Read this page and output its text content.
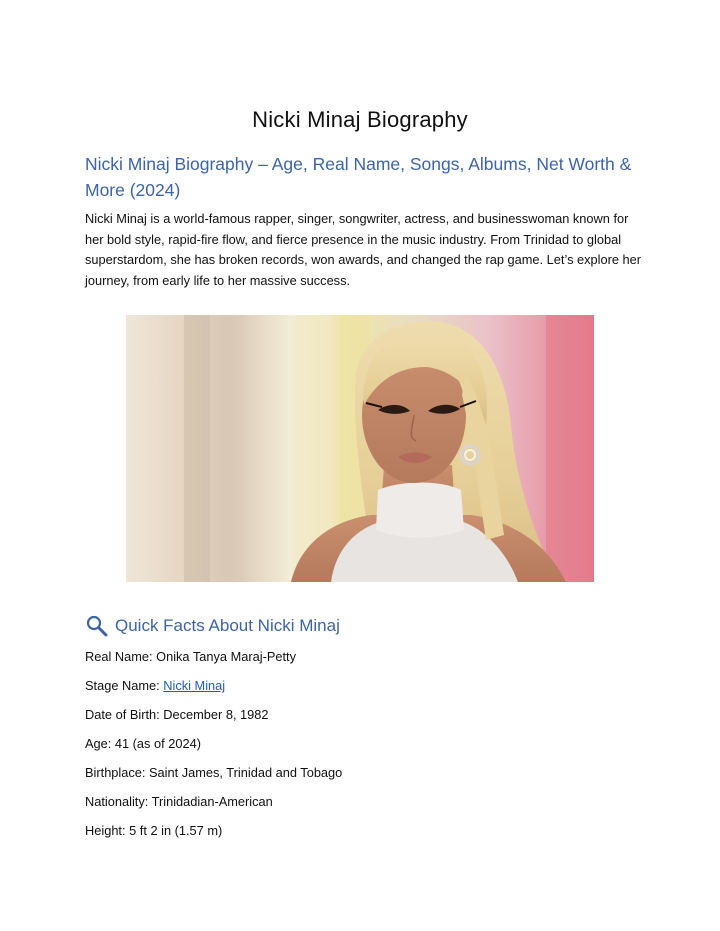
Nicki Minaj Biography
Nicki Minaj Biography – Age, Real Name, Songs, Albums, Net Worth & More (2024)
Nicki Minaj is a world-famous rapper, singer, songwriter, actress, and businesswoman known for her bold style, rapid-fire flow, and fierce presence in the music industry. From Trinidad to global superstardom, she has broken records, won awards, and changed the rap game. Let’s explore her journey, from early life to her massive success.
Quick Facts About Nicki Minaj
Real Name: Onika Tanya Maraj-Petty
Stage Name: Nicki Minaj
Date of Birth: December 8, 1982
Age: 41 (as of 2024)
Birthplace: Saint James, Trinidad and Tobago
Nationality: Trinidadian-American
Height: 5 ft 2 in (1.57 m)
